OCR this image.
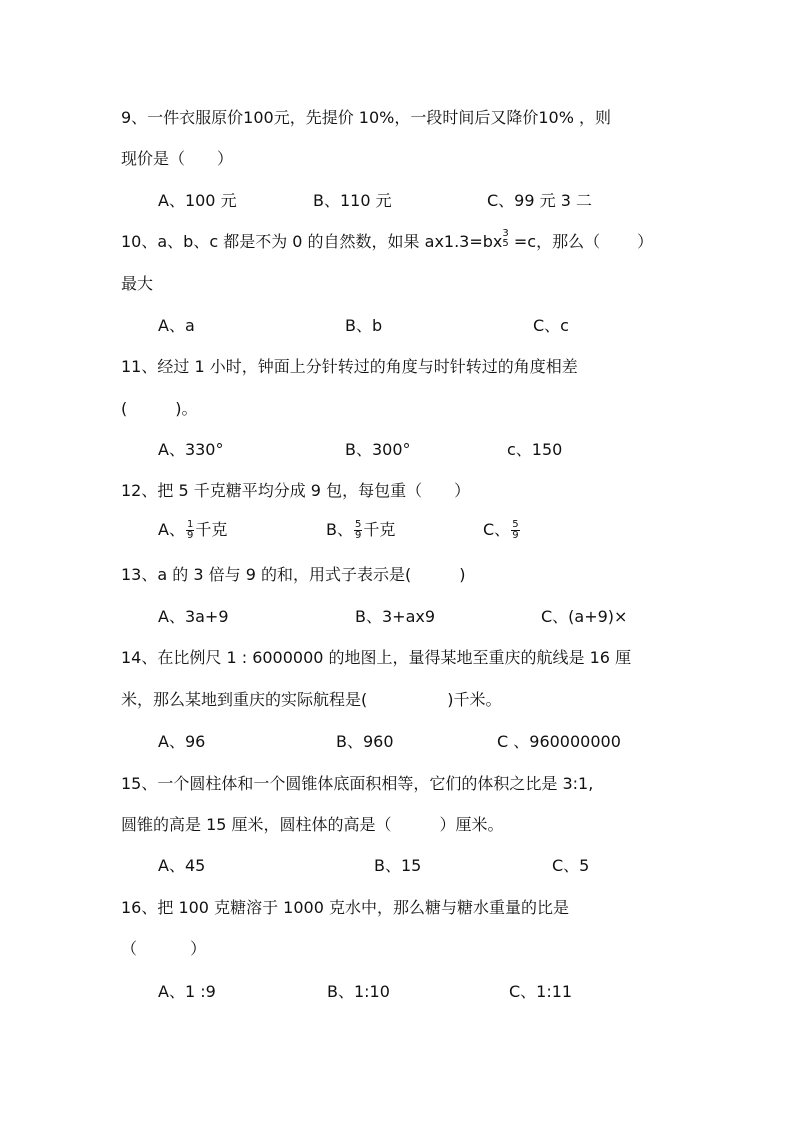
9、一件衣服原价100元，先提价 10%，一段时间后又降价10% ，则
现价是（　　）
A、100 元	B、110 元	C、99 元 3 二
10、a、b、c 都是不为 0 的自然数，如果 ax1.3=bx 3
5 =c，那么（　　 ）
最大
A、a	B、b	C、c
11、经过 1 小时，钟面上分针转过的角度与时针转过的角度相差
(　　　)。
A、330°	B、300°	c、150
12、把 5 千克糖平均分成 9 包，每包重（　　）
A、 $\frac{1}{9}$ 千克	B、 $\frac{5}{9}$ 千克	C、 $\frac{5}{9}$
13、a 的 3 倍与 9 的和，用式子表示是(　　　)
A、3a+9	B、3+ax9	C、(a+9)×
14、在比例尺 1 : 6000000 的地图上，量得某地至重庆的航线是 16 厘
米，那么某地到重庆的实际航程是(　　　　　)千米。
A、96	B、960	C 、960000000
15、一个圆柱体和一个圆锥体底面积相等，它们的体积之比是 3:1,
圆锥的高是 15 厘米，圆柱体的高是（　　　）厘米。
A、45	B、15	C、5
16、把 100 克糖溶于 1000 克水中，那么糖与糖水重量的比是
（　　　 ）
A、1 :9	B、1:10	C、1:11
